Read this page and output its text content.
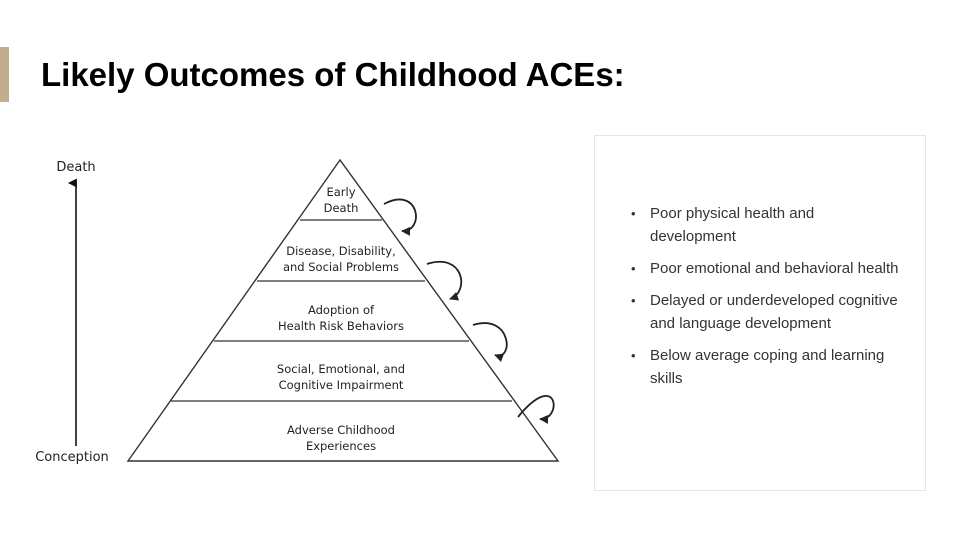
Likely Outcomes of Childhood ACEs:
Death
Conception
Early
Death
Disease, Disability,
and Social Problems
Adoption of
Health Risk Behaviors
Social, Emotional, and
Cognitive Impairment
Adverse Childhood
Experiences
• Poor physical health and development
• Poor emotional and behavioral health
• Delayed or underdeveloped cognitive and language development
• Below average coping and learning skills
